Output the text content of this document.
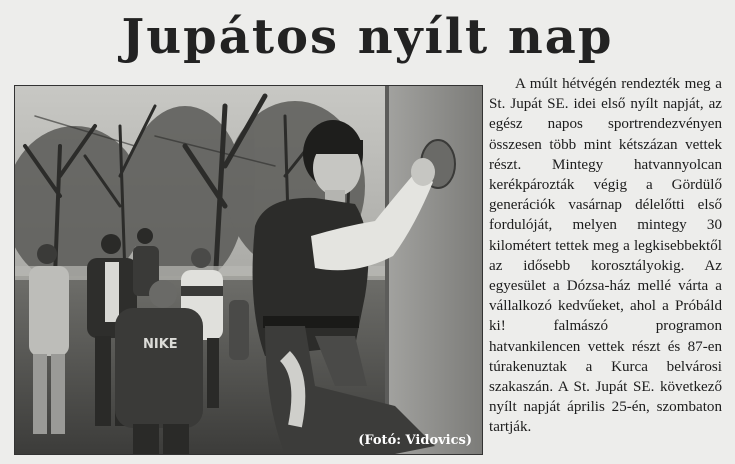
Jupátos nyílt nap
NIKE
(Fotó: Vidovics)

A múlt hétvégén rendezték meg a St. Jupát SE. idei első nyílt napját, az egész napos sportrendezvényen összesen több mint kétszázan vettek részt. Mintegy hatvannyolcan kerékpározták végig a Gördülő generációk vasárnap délelőtti első fordulóját, melyen mintegy 30 kilométert tettek meg a legkisebbektől az idősebb korosztályokig. Az egyesület a Dózsa-ház mellé várta a vállalkozó kedvűeket, ahol a Próbáld ki! falmászó programon hatvankilencen vettek részt és 87-en túrakenuztak a Kurca belvárosi szakaszán. A St. Jupát SE. következő nyílt napját április 25-én, szombaton tartják.
